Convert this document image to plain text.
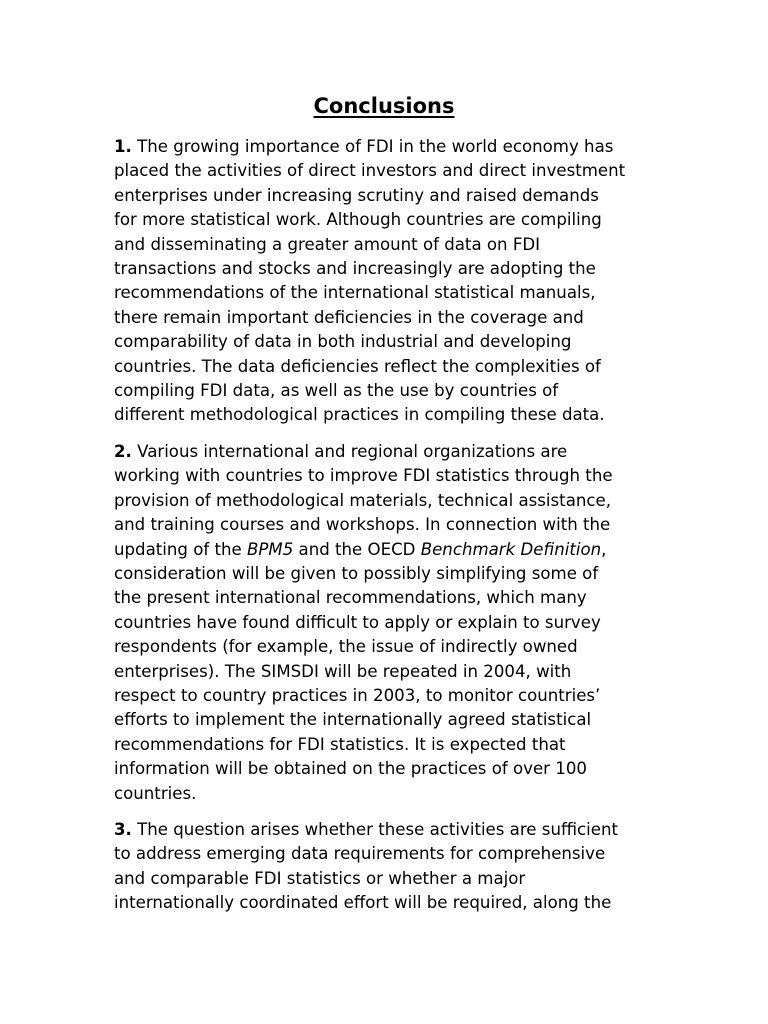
Conclusions

1. The growing importance of FDI in the world economy has
placed the activities of direct investors and direct investment
enterprises under increasing scrutiny and raised demands
for more statistical work. Although countries are compiling
and disseminating a greater amount of data on FDI
transactions and stocks and increasingly are adopting the
recommendations of the international statistical manuals,
there remain important deficiencies in the coverage and
comparability of data in both industrial and developing
countries. The data deficiencies reflect the complexities of
compiling FDI data, as well as the use by countries of
different methodological practices in compiling these data.

2. Various international and regional organizations are
working with countries to improve FDI statistics through the
provision of methodological materials, technical assistance,
and training courses and workshops. In connection with the
updating of the BPM5 and the OECD Benchmark Definition,
consideration will be given to possibly simplifying some of
the present international recommendations, which many
countries have found difficult to apply or explain to survey
respondents (for example, the issue of indirectly owned
enterprises). The SIMSDI will be repeated in 2004, with
respect to country practices in 2003, to monitor countries’
efforts to implement the internationally agreed statistical
recommendations for FDI statistics. It is expected that
information will be obtained on the practices of over 100
countries.

3. The question arises whether these activities are sufficient
to address emerging data requirements for comprehensive
and comparable FDI statistics or whether a major
internationally coordinated effort will be required, along the
